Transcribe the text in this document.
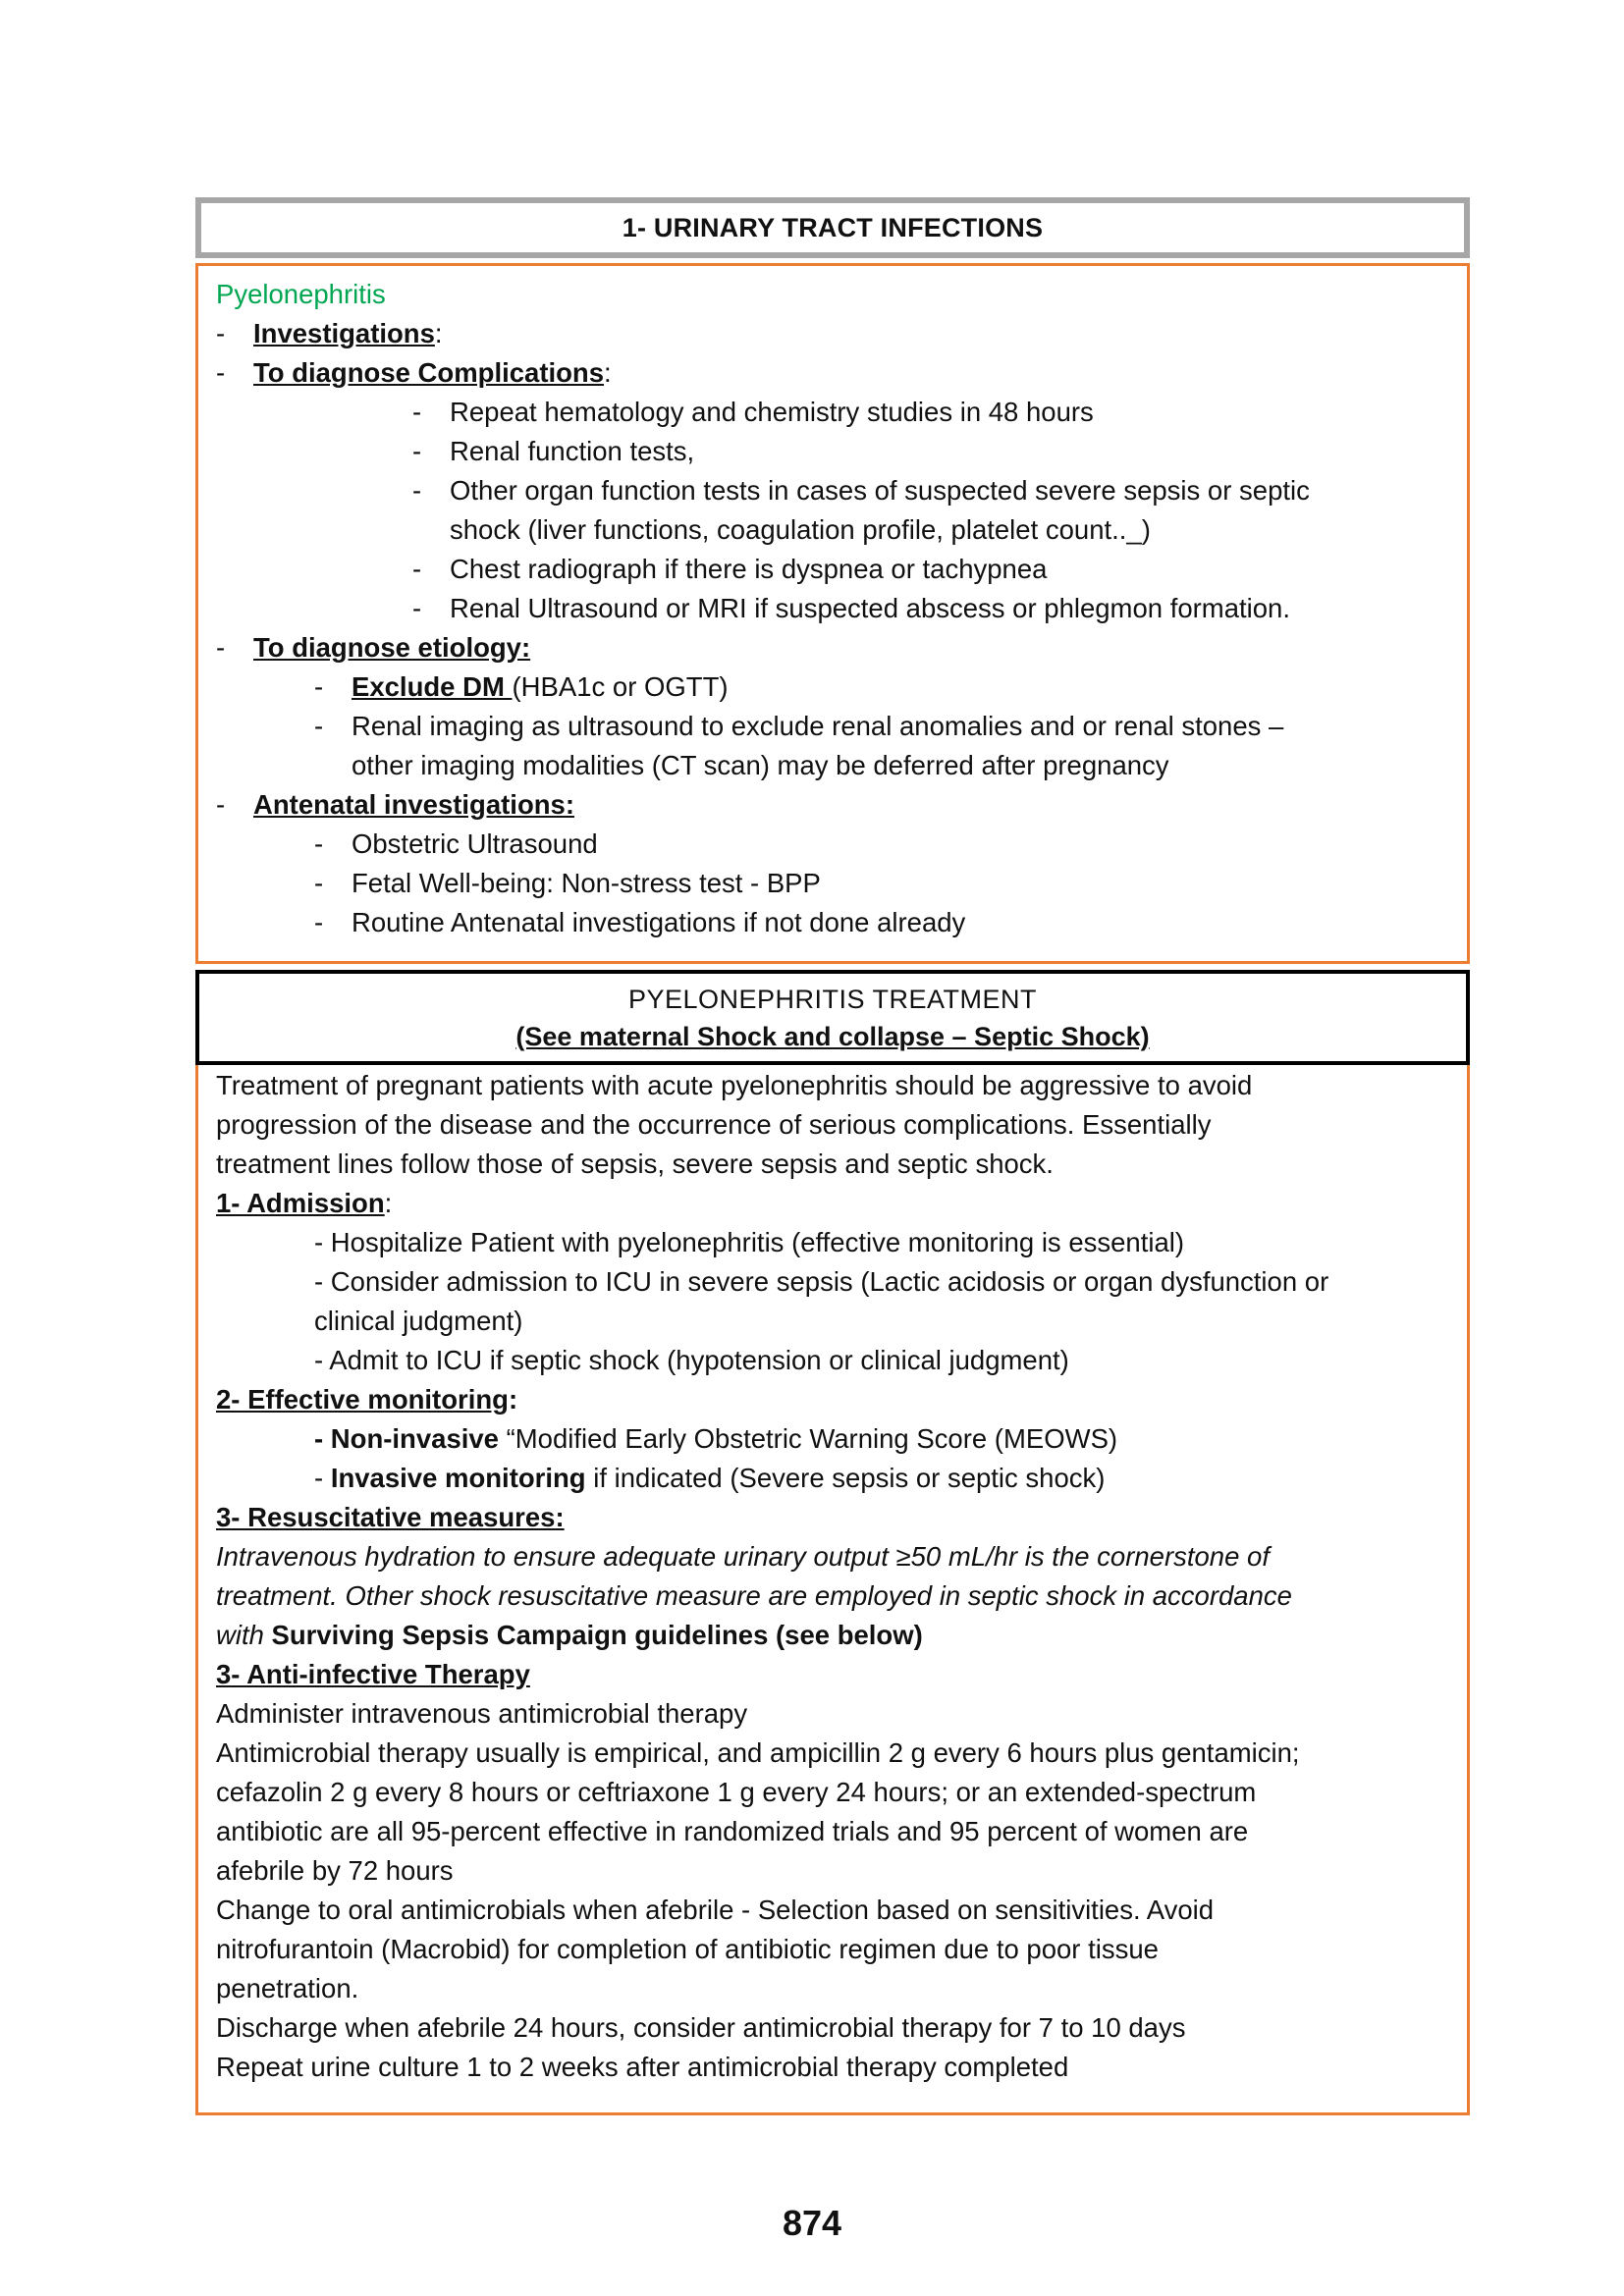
1- URINARY TRACT INFECTIONS
Pyelonephritis
- Investigations:
- To diagnose Complications:
- Repeat hematology and chemistry studies in 48 hours
- Renal function tests,
- Other organ function tests in cases of suspected severe sepsis or septic
shock (liver functions, coagulation profile, platelet count.._)
- Chest radiograph if there is dyspnea or tachypnea
- Renal Ultrasound or MRI if suspected abscess or phlegmon formation.
- To diagnose etiology:
- Exclude DM (HBA1c or OGTT)
- Renal imaging as ultrasound to exclude renal anomalies and or renal stones –
other imaging modalities (CT scan) may be deferred after pregnancy
- Antenatal investigations:
- Obstetric Ultrasound
- Fetal Well-being: Non-stress test - BPP
- Routine Antenatal investigations if not done already
PYELONEPHRITIS TREATMENT
(See maternal Shock and collapse – Septic Shock)
Treatment of pregnant patients with acute pyelonephritis should be aggressive to avoid
progression of the disease and the occurrence of serious complications. Essentially
treatment lines follow those of sepsis, severe sepsis and septic shock.
1- Admission:
- Hospitalize Patient with pyelonephritis (effective monitoring is essential)
- Consider admission to ICU in severe sepsis (Lactic acidosis or organ dysfunction or
clinical judgment)
- Admit to ICU if septic shock (hypotension or clinical judgment)
2- Effective monitoring:
- Non-invasive “Modified Early Obstetric Warning Score (MEOWS)
- Invasive monitoring if indicated (Severe sepsis or septic shock)
3- Resuscitative measures:
Intravenous hydration to ensure adequate urinary output ≥50 mL/hr is the cornerstone of
treatment. Other shock resuscitative measure are employed in septic shock in accordance
with Surviving Sepsis Campaign guidelines (see below)
3- Anti-infective Therapy
Administer intravenous antimicrobial therapy
Antimicrobial therapy usually is empirical, and ampicillin 2 g every 6 hours plus gentamicin;
cefazolin 2 g every 8 hours or ceftriaxone 1 g every 24 hours; or an extended-spectrum
antibiotic are all 95-percent effective in randomized trials and 95 percent of women are
afebrile by 72 hours
Change to oral antimicrobials when afebrile - Selection based on sensitivities. Avoid
nitrofurantoin (Macrobid) for completion of antibiotic regimen due to poor tissue
penetration.
Discharge when afebrile 24 hours, consider antimicrobial therapy for 7 to 10 days
Repeat urine culture 1 to 2 weeks after antimicrobial therapy completed
874
